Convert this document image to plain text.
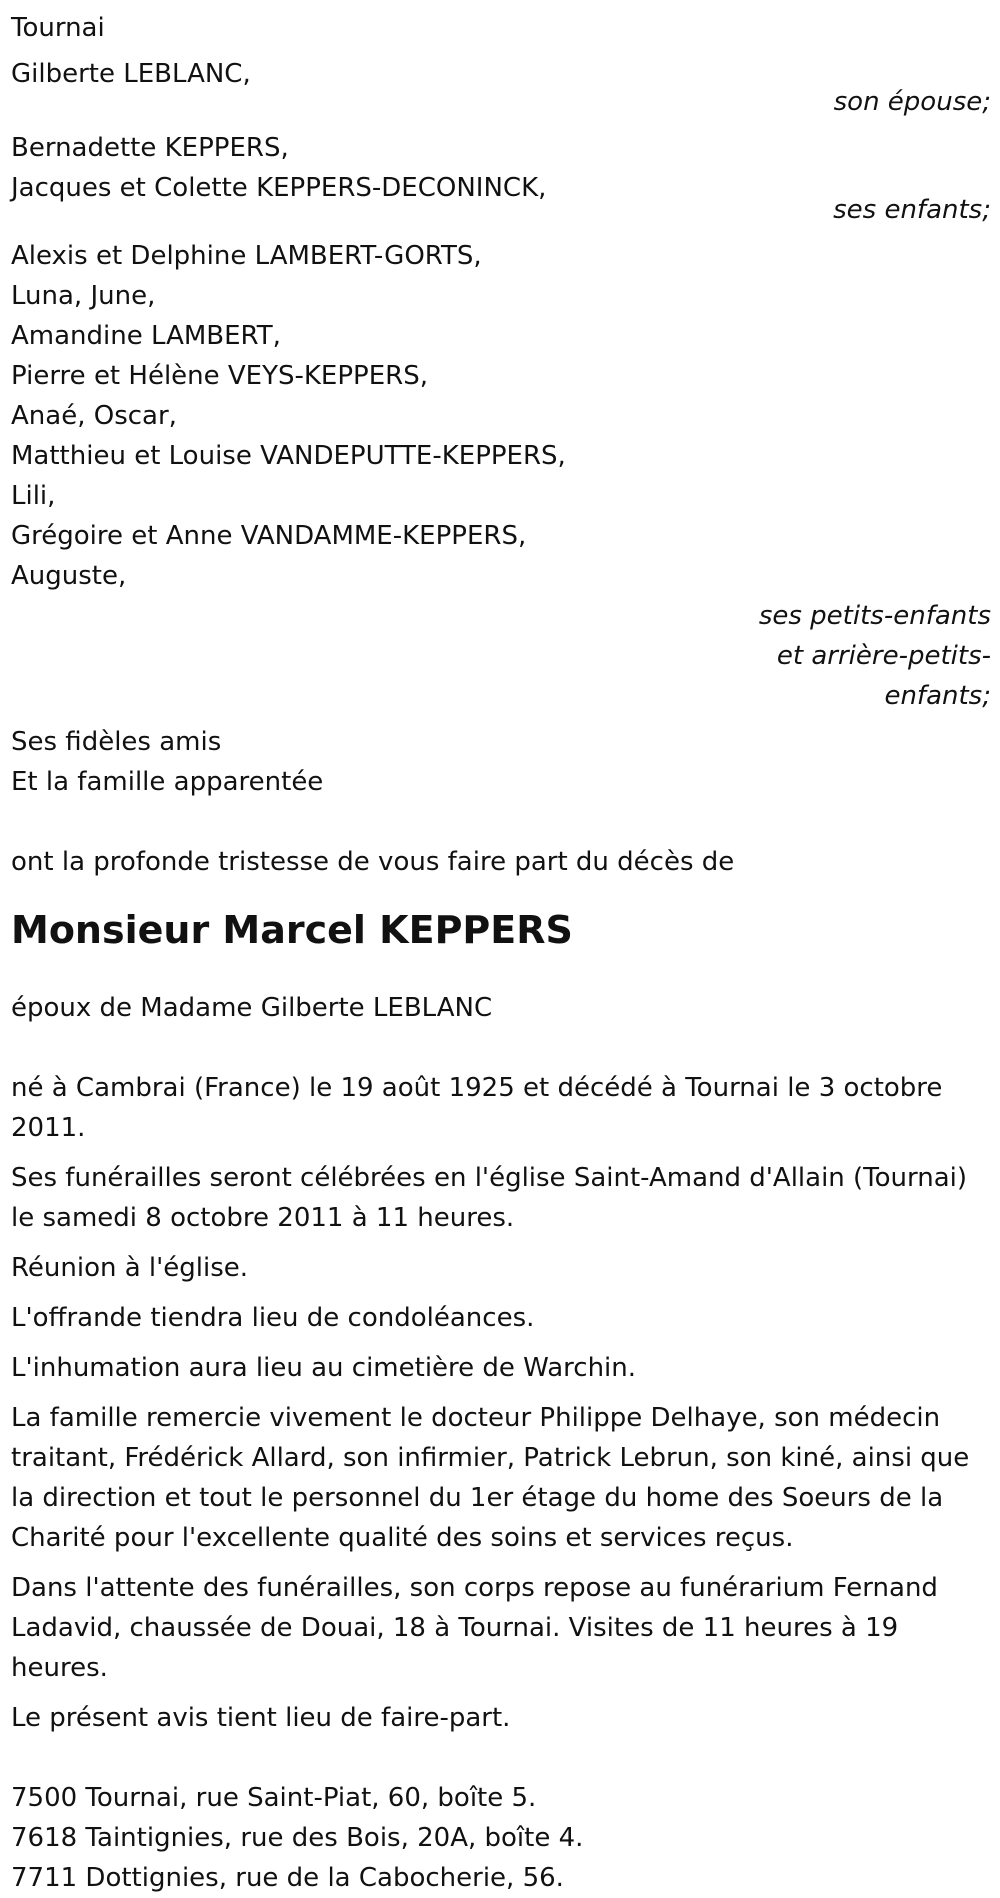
Tournai
Gilberte LEBLANC,
son épouse;
Bernadette KEPPERS,
Jacques et Colette KEPPERS-DECONINCK,
ses enfants;
Alexis et Delphine LAMBERT-GORTS,
Luna, June,
Amandine LAMBERT,
Pierre et Hélène VEYS-KEPPERS,
Anaé, Oscar,
Matthieu et Louise VANDEPUTTE-KEPPERS,
Lili,
Grégoire et Anne VANDAMME-KEPPERS,
Auguste,
ses petits-enfants
et arrière-petits-
enfants;
Ses fidèles amis
Et la famille apparentée
ont la profonde tristesse de vous faire part du décès de
Monsieur Marcel KEPPERS
époux de Madame Gilberte LEBLANC
né à Cambrai (France) le 19 août 1925 et décédé à Tournai le 3 octobre 2011.
Ses funérailles seront célébrées en l'église Saint-Amand d'Allain (Tournai) le samedi 8 octobre 2011 à 11 heures.
Réunion à l'église.
L'offrande tiendra lieu de condoléances.
L'inhumation aura lieu au cimetière de Warchin.
La famille remercie vivement le docteur Philippe Delhaye, son médecin traitant, Frédérick Allard, son infirmier, Patrick Lebrun, son kiné, ainsi que la direction et tout le personnel du 1er étage du home des Soeurs de la Charité pour l'excellente qualité des soins et services reçus.
Dans l'attente des funérailles, son corps repose au funérarium Fernand Ladavid, chaussée de Douai, 18 à Tournai. Visites de 11 heures à 19 heures.
Le présent avis tient lieu de faire-part.
7500 Tournai, rue Saint-Piat, 60, boîte 5.
7618 Taintignies, rue des Bois, 20A, boîte 4.
7711 Dottignies, rue de la Cabocherie, 56.
